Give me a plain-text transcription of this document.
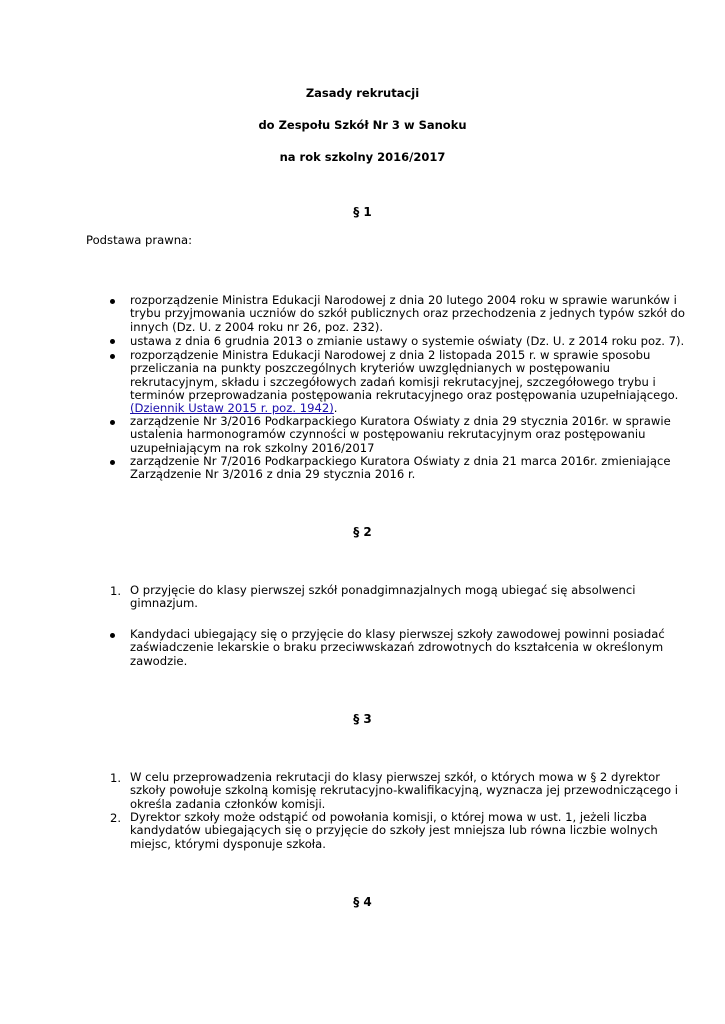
Zasady rekrutacji
do Zespołu Szkół Nr 3 w Sanoku
na rok szkolny 2016/2017
§ 1
Podstawa prawna:
rozporządzenie Ministra Edukacji Narodowej z dnia 20 lutego 2004 roku w sprawie warunków i
trybu przyjmowania uczniów do szkół publicznych oraz przechodzenia z jednych typów szkół do
innych (Dz. U. z 2004 roku nr 26, poz. 232).
ustawa z dnia 6 grudnia 2013 o zmianie ustawy o systemie oświaty (Dz. U. z 2014 roku poz. 7).
rozporządzenie Ministra Edukacji Narodowej z dnia 2 listopada 2015 r. w sprawie sposobu
przeliczania na punkty poszczególnych kryteriów uwzględnianych w postępowaniu
rekrutacyjnym, składu i szczegółowych zadań komisji rekrutacyjnej, szczegółowego trybu i
terminów przeprowadzania postępowania rekrutacyjnego oraz postępowania uzupełniającego.
(Dziennik Ustaw 2015 r. poz. 1942).
zarządzenie Nr 3/2016 Podkarpackiego Kuratora Oświaty z dnia 29 stycznia 2016r. w sprawie
ustalenia harmonogramów czynności w postępowaniu rekrutacyjnym oraz postępowaniu
uzupełniającym na rok szkolny 2016/2017
zarządzenie Nr 7/2016 Podkarpackiego Kuratora Oświaty z dnia 21 marca 2016r. zmieniające
Zarządzenie Nr 3/2016 z dnia 29 stycznia 2016 r.
§ 2
1. O przyjęcie do klasy pierwszej szkół ponadgimnazjalnych mogą ubiegać się absolwenci
gimnazjum.
Kandydaci ubiegający się o przyjęcie do klasy pierwszej szkoły zawodowej powinni posiadać
zaświadczenie lekarskie o braku przeciwwskazań zdrowotnych do kształcenia w określonym
zawodzie.
§ 3
1. W celu przeprowadzenia rekrutacji do klasy pierwszej szkół, o których mowa w § 2 dyrektor
szkoły powołuje szkolną komisję rekrutacyjno-kwalifikacyjną, wyznacza jej przewodniczącego i
określa zadania członków komisji.
2. Dyrektor szkoły może odstąpić od powołania komisji, o której mowa w ust. 1, jeżeli liczba
kandydatów ubiegających się o przyjęcie do szkoły jest mniejsza lub równa liczbie wolnych
miejsc, którymi dysponuje szkoła.
§ 4
